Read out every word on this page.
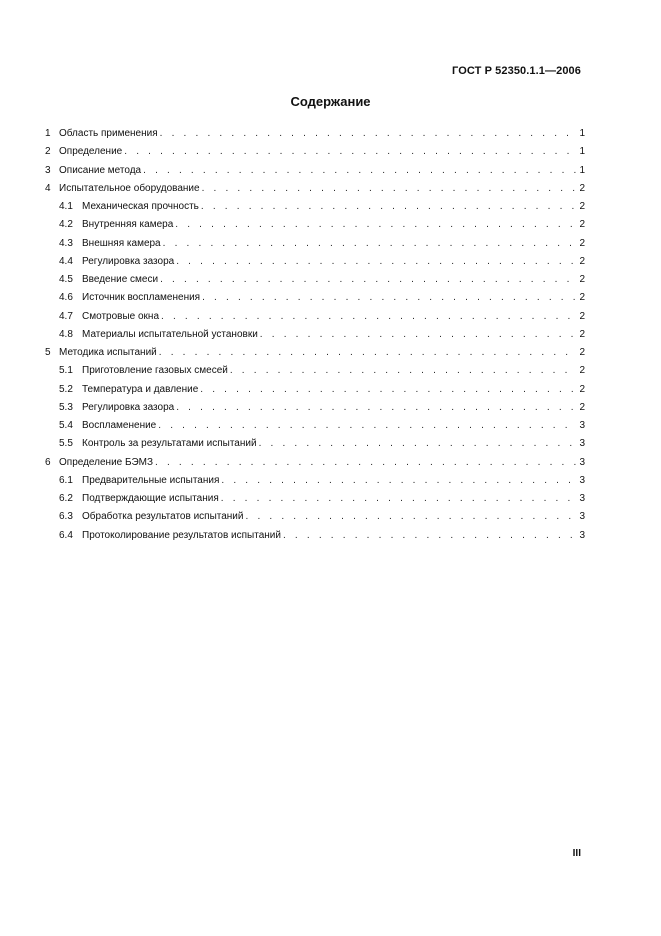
ГОСТ Р 52350.1.1—2006
Содержание
1 Область применения . . .	1
2 Определение . . .	1
3 Описание метода . . .	1
4 Испытательное оборудование . . .	2
4.1 Механическая прочность . . .	2
4.2 Внутренняя камера . . .	2
4.3 Внешняя камера . . .	2
4.4 Регулировка зазора . . .	2
4.5 Введение смеси . . .	2
4.6 Источник воспламенения . . .	2
4.7 Смотровые окна . . .	2
4.8 Материалы испытательной установки . . .	2
5 Методика испытаний . . .	2
5.1 Приготовление газовых смесей . . .	2
5.2 Температура и давление . . .	2
5.3 Регулировка зазора . . .	2
5.4 Воспламенение . . .	3
5.5 Контроль за результатами испытаний . . .	3
6 Определение БЭМЗ . . .	3
6.1 Предварительные испытания . . .	3
6.2 Подтверждающие испытания . . .	3
6.3 Обработка результатов испытаний . . .	3
6.4 Протоколирование результатов испытаний . . .	3
III
